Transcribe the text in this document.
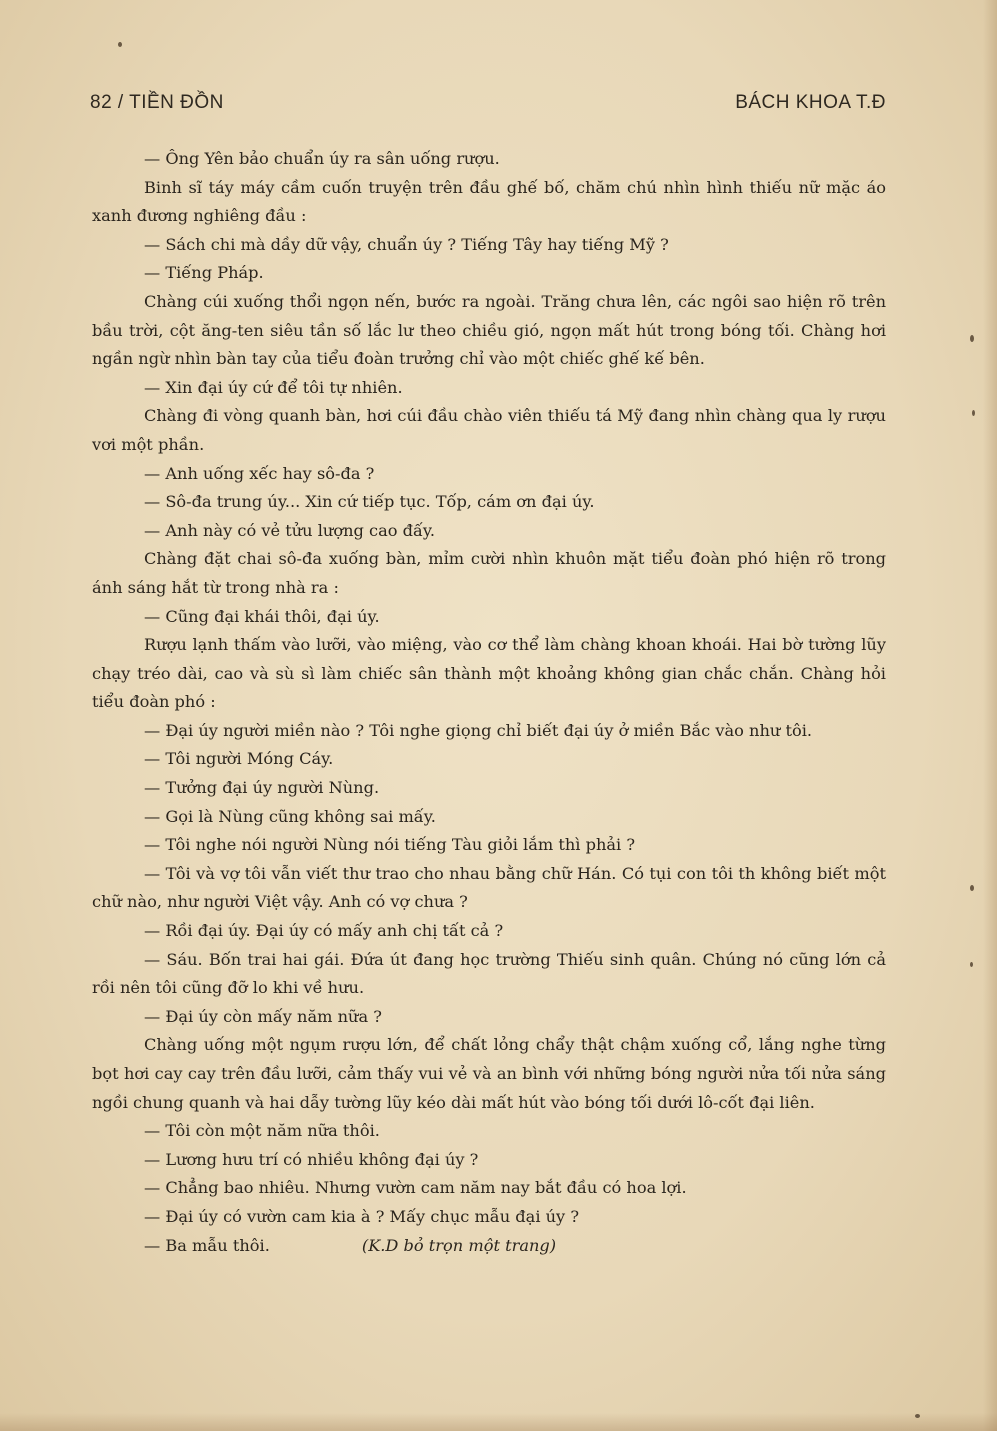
82 / TIỀN ĐỒN	BÁCH KHOA T.Đ

— Ông Yên bảo chuẩn úy ra sân uống rượu.

Binh sĩ táy máy cầm cuốn truyện trên đầu ghế bố, chăm chú nhìn hình thiếu nữ mặc áo xanh đương nghiêng đầu :

— Sách chi mà dầy dữ vậy, chuẩn úy ? Tiếng Tây hay tiếng Mỹ ?

— Tiếng Pháp.

Chàng cúi xuống thổi ngọn nến, bước ra ngoài. Trăng chưa lên, các ngôi sao hiện rõ trên bầu trời, cột ăng-ten siêu tần số lắc lư theo chiều gió, ngọn mất hút trong bóng tối. Chàng hơi ngần ngừ nhìn bàn tay của tiểu đoàn trưởng chỉ vào một chiếc ghế kế bên.

— Xin đại úy cứ để tôi tự nhiên.

Chàng đi vòng quanh bàn, hơi cúi đầu chào viên thiếu tá Mỹ đang nhìn chàng qua ly rượu vơi một phần.

— Anh uống xếc hay sô-đa ?

— Sô-đa trung úy... Xin cứ tiếp tục. Tốp, cám ơn đại úy.

— Anh này có vẻ tửu lượng cao đấy.

Chàng đặt chai sô-đa xuống bàn, mỉm cười nhìn khuôn mặt tiểu đoàn phó hiện rõ trong ánh sáng hắt từ trong nhà ra :

— Cũng đại khái thôi, đại úy.

Rượu lạnh thấm vào lưỡi, vào miệng, vào cơ thể làm chàng khoan khoái. Hai bờ tường lũy chạy tréo dài, cao và sù sì làm chiếc sân thành một khoảng không gian chắc chắn. Chàng hỏi tiểu đoàn phó :

— Đại úy người miền nào ? Tôi nghe giọng chỉ biết đại úy ở miền Bắc vào như tôi.

— Tôi người Móng Cáy.

— Tưởng đại úy người Nùng.

— Gọi là Nùng cũng không sai mấy.

— Tôi nghe nói người Nùng nói tiếng Tàu giỏi lắm thì phải ?

— Tôi và vợ tôi vẫn viết thư trao cho nhau bằng chữ Hán. Có tụi con tôi th không biết một chữ nào, như người Việt vậy. Anh có vợ chưa ?

— Rồi đại úy. Đại úy có mấy anh chị tất cả ?

— Sáu. Bốn trai hai gái. Đứa út đang học trường Thiếu sinh quân. Chúng nó cũng lớn cả rồi nên tôi cũng đỡ lo khi về hưu.

— Đại úy còn mấy năm nữa ?

Chàng uống một ngụm rượu lớn, để chất lỏng chẩy thật chậm xuống cổ, lắng nghe từng bọt hơi cay cay trên đầu lưỡi, cảm thấy vui vẻ và an bình với những bóng người nửa tối nửa sáng ngồi chung quanh và hai dẫy tường lũy kéo dài mất hút vào bóng tối dưới lô-cốt đại liên.

— Tôi còn một năm nữa thôi.

— Lương hưu trí có nhiều không đại úy ?

— Chẳng bao nhiêu. Nhưng vườn cam năm nay bắt đầu có hoa lợi.

— Đại úy có vườn cam kia à ? Mấy chục mẫu đại úy ?

— Ba mẫu thôi.	(K.D bỏ trọn một trang)
